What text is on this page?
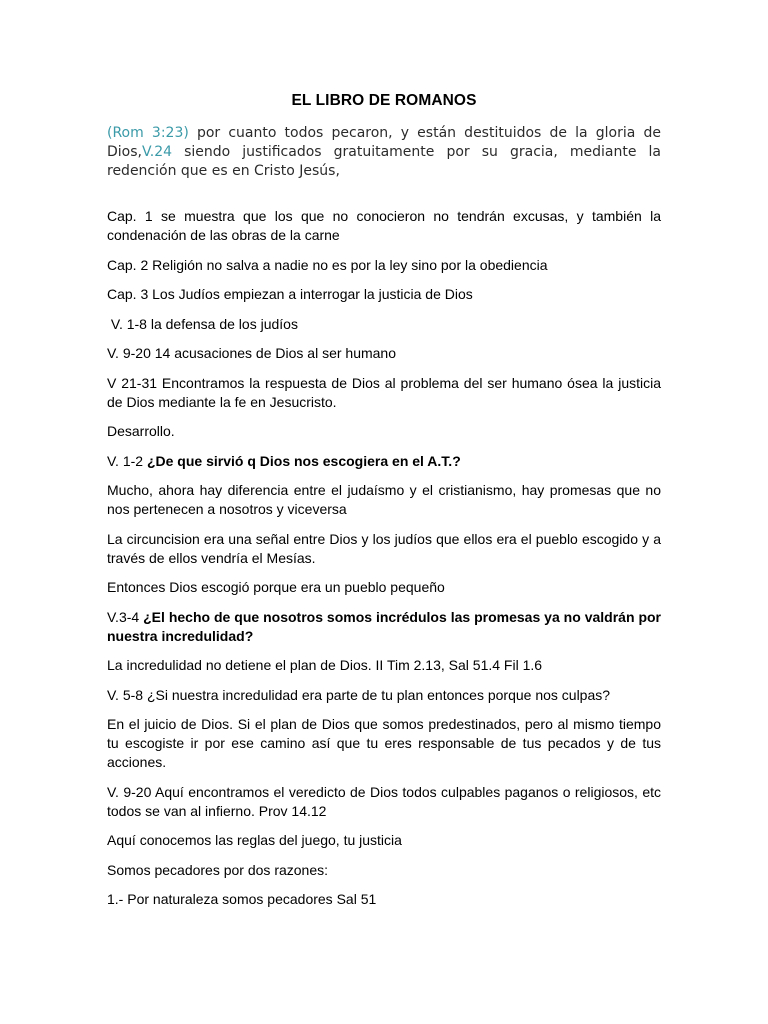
EL LIBRO DE ROMANOS
(Rom 3:23) por cuanto todos pecaron, y están destituidos de la gloria de Dios,V.24 siendo justificados gratuitamente por su gracia, mediante la redención que es en Cristo Jesús,

Cap. 1 se muestra que los que no conocieron no tendrán excusas, y también la condenación de las obras de la carne

Cap. 2 Religión no salva a nadie no es por la ley sino por la obediencia

Cap. 3 Los Judíos empiezan a interrogar la justicia de Dios

V. 1-8 la defensa de los judíos

V. 9-20 14 acusaciones de Dios al ser humano

V 21-31 Encontramos la respuesta de Dios al problema del ser humano ósea la justicia de Dios mediante la fe en Jesucristo.

Desarrollo.

V. 1-2 ¿De que sirvió q Dios nos escogiera en el A.T.?

Mucho, ahora hay diferencia entre el judaísmo y el cristianismo, hay promesas que no nos pertenecen a nosotros y viceversa

La circuncision era una señal entre Dios y los judíos que ellos era el pueblo escogido y a través de ellos vendría el Mesías.

Entonces Dios escogió porque era un pueblo pequeño

V.3-4 ¿El hecho de que nosotros somos incrédulos las promesas ya no valdrán por nuestra incredulidad?

La incredulidad no detiene el plan de Dios. II Tim 2.13, Sal 51.4 Fil 1.6

V. 5-8 ¿Si nuestra incredulidad era parte de tu plan entonces porque nos culpas?

En el juicio de Dios. Si el plan de Dios que somos predestinados, pero al mismo tiempo tu escogiste ir por ese camino así que tu eres responsable de tus pecados y de tus acciones.

V. 9-20 Aquí encontramos el veredicto de Dios todos culpables paganos o religiosos, etc todos se van al infierno. Prov 14.12

Aquí conocemos las reglas del juego, tu justicia

Somos pecadores por dos razones:

1.- Por naturaleza somos pecadores Sal 51
